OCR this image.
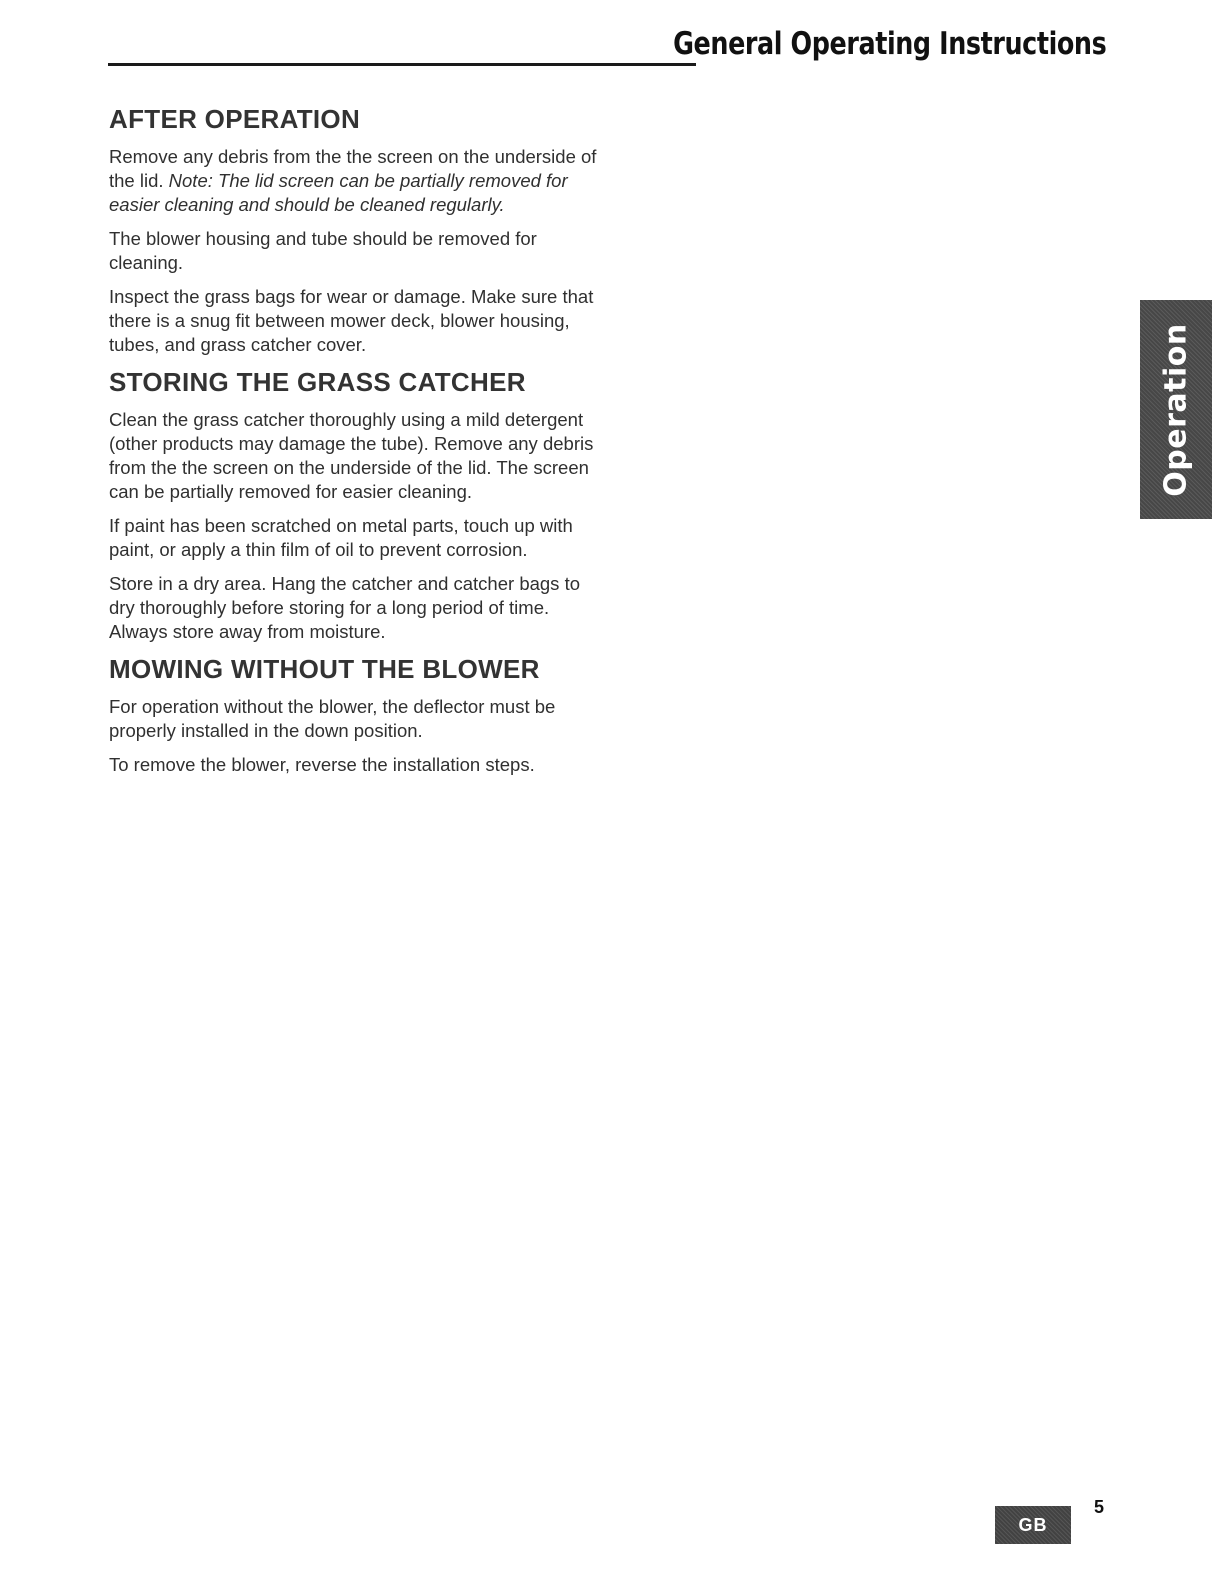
General Operating Instructions
AFTER OPERATION

Remove any debris from the the screen on the underside of the lid. Note: The lid screen can be partially removed for easier cleaning and should be cleaned regularly.

The blower housing and tube should be removed for cleaning.

Inspect the grass bags for wear or damage. Make sure that there is a snug fit between mower deck, blower housing, tubes, and grass catcher cover.

STORING THE GRASS CATCHER

Clean the grass catcher thoroughly using a mild detergent (other products may damage the tube). Remove any debris from the the screen on the underside of the lid. The screen can be partially removed for easier cleaning.

If paint has been scratched on metal parts, touch up with paint, or apply a thin film of oil to prevent corrosion.

Store in a dry area. Hang the catcher and catcher bags to dry thoroughly before storing for a long period of time. Always store away from moisture.

MOWING WITHOUT THE BLOWER

For operation without the blower, the deflector must be properly installed in the down position.

To remove the blower, reverse the installation steps.

Operation
GB
5
